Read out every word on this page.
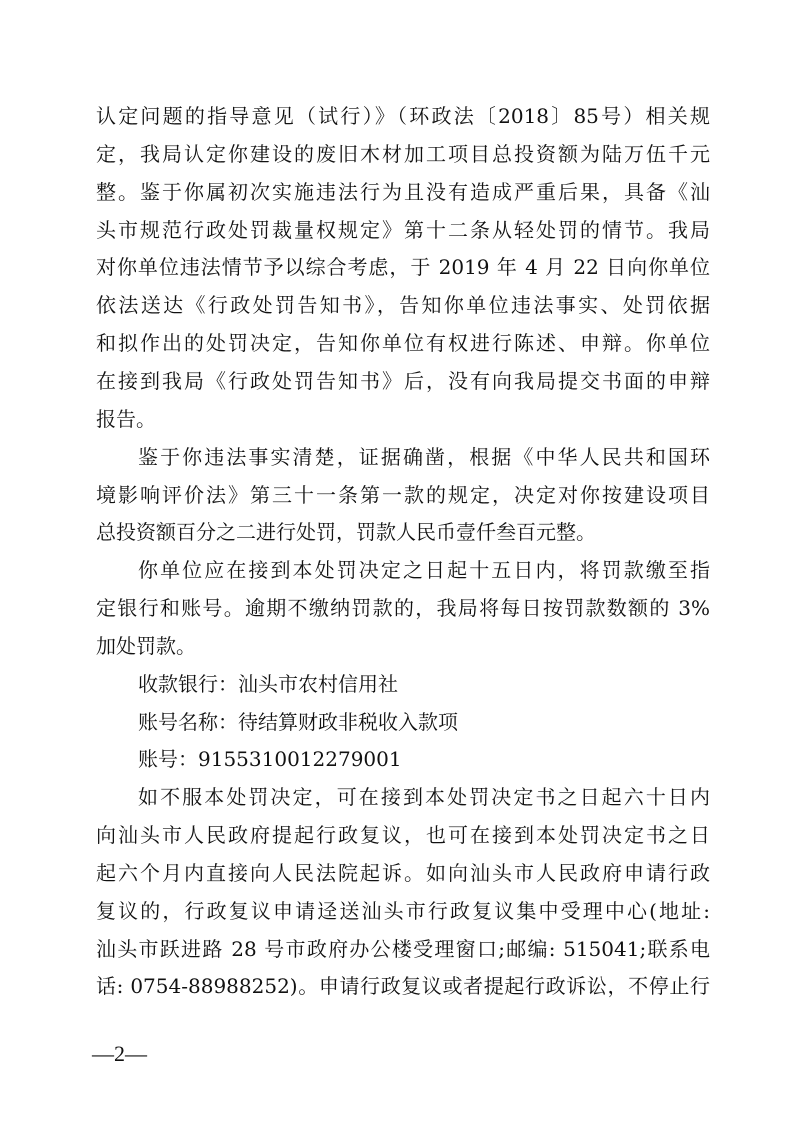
认定问题的指导意见（试行）》（环政法〔2018〕85号）相关规
定，我局认定你建设的废旧木材加工项目总投资额为陆万伍千元
整。鉴于你属初次实施违法行为且没有造成严重后果，具备《汕
头市规范行政处罚裁量权规定》第十二条从轻处罚的情节。我局
对你单位违法情节予以综合考虑，于 2019 年 4 月 22 日向你单位
依法送达《行政处罚告知书》，告知你单位违法事实、处罚依据
和拟作出的处罚决定，告知你单位有权进行陈述、申辩。你单位
在接到我局《行政处罚告知书》后，没有向我局提交书面的申辩
报告。
鉴于你违法事实清楚，证据确凿，根据《中华人民共和国环
境影响评价法》第三十一条第一款的规定，决定对你按建设项目
总投资额百分之二进行处罚，罚款人民币壹仟叁百元整。
你单位应在接到本处罚决定之日起十五日内，将罚款缴至指
定银行和账号。逾期不缴纳罚款的，我局将每日按罚款数额的 3%
加处罚款。
收款银行：汕头市农村信用社
账号名称：待结算财政非税收入款项
账号：9155310012279001
如不服本处罚决定，可在接到本处罚决定书之日起六十日内
向汕头市人民政府提起行政复议，也可在接到本处罚决定书之日
起六个月内直接向人民法院起诉。如向汕头市人民政府申请行政
复议的，行政复议申请迳送汕头市行政复议集中受理中心(地址:
汕头市跃进路 28 号市政府办公楼受理窗口;邮编: 515041;联系电
话: 0754-88988252)。申请行政复议或者提起行政诉讼，不停止行
—2—
